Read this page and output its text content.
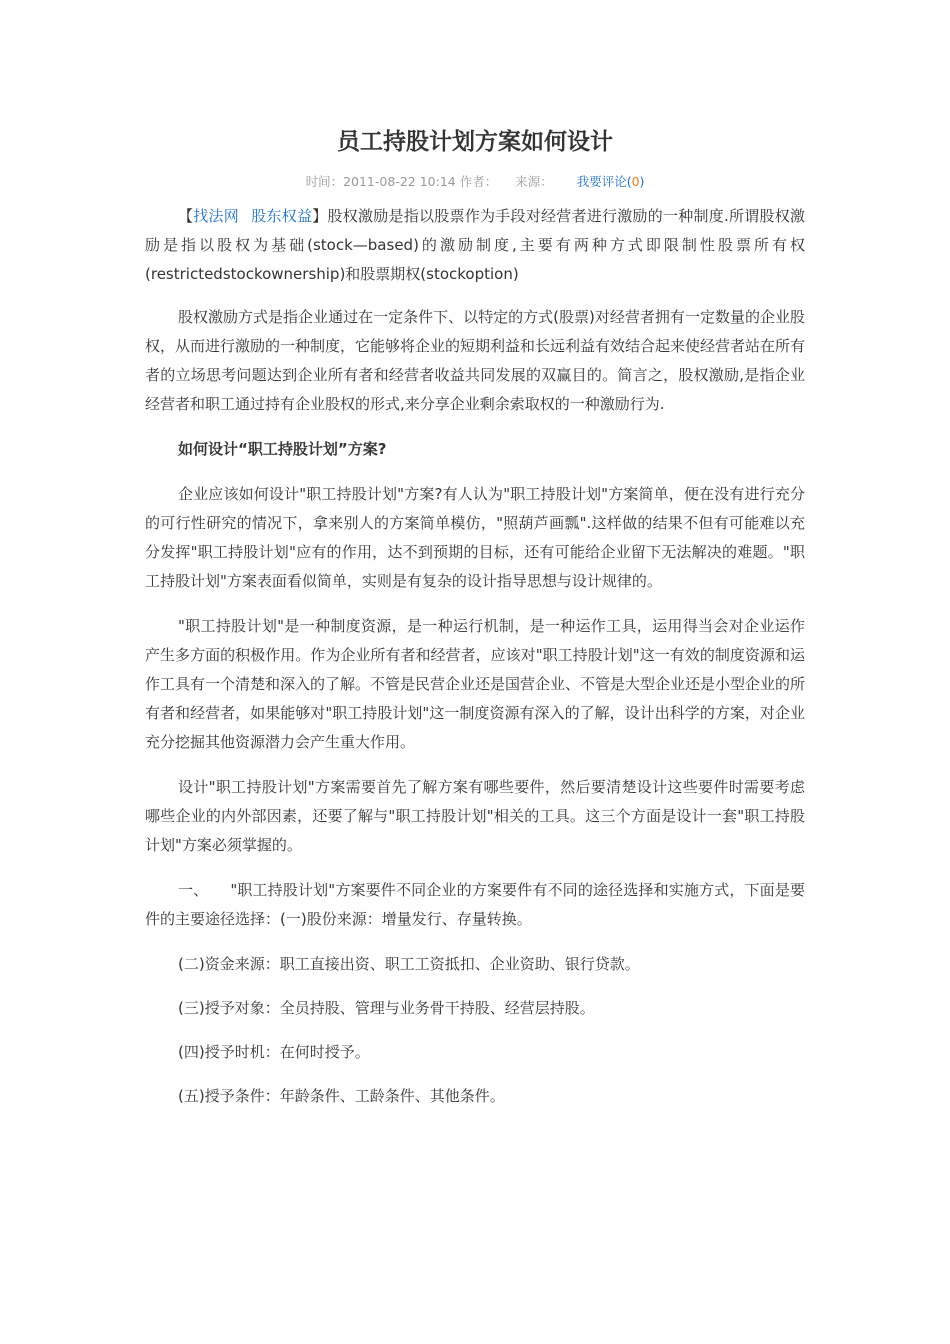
员工持股计划方案如何设计
时间：2011-08-22 10:14 作者： 来源： 我要评论(0)

【找法网 股东权益】股权激励是指以股票作为手段对经营者进行激励的一种制度.所谓股权激励是指以股权为基础(stock—based)的激励制度,主要有两种方式即限制性股票所有权(restrictedstockownership)和股票期权(stockoption)

股权激励方式是指企业通过在一定条件下、以特定的方式(股票)对经营者拥有一定数量的企业股权，从而进行激励的一种制度，它能够将企业的短期利益和长远利益有效结合起来使经营者站在所有者的立场思考问题达到企业所有者和经营者收益共同发展的双赢目的。简言之，股权激励,是指企业经营者和职工通过持有企业股权的形式,来分享企业剩余索取权的一种激励行为.

如何设计“职工持股计划”方案?

企业应该如何设计"职工持股计划"方案?有人认为"职工持股计划"方案简单，便在没有进行充分的可行性研究的情况下，拿来别人的方案简单模仿，"照葫芦画瓢".这样做的结果不但有可能难以充分发挥"职工持股计划"应有的作用，达不到预期的目标，还有可能给企业留下无法解决的难题。"职工持股计划"方案表面看似简单，实则是有复杂的设计指导思想与设计规律的。

"职工持股计划"是一种制度资源，是一种运行机制，是一种运作工具，运用得当会对企业运作产生多方面的积极作用。作为企业所有者和经营者，应该对"职工持股计划"这一有效的制度资源和运作工具有一个清楚和深入的了解。不管是民营企业还是国营企业、不管是大型企业还是小型企业的所有者和经营者，如果能够对"职工持股计划"这一制度资源有深入的了解，设计出科学的方案，对企业充分挖掘其他资源潜力会产生重大作用。

设计"职工持股计划"方案需要首先了解方案有哪些要件，然后要清楚设计这些要件时需要考虑哪些企业的内外部因素，还要了解与"职工持股计划"相关的工具。这三个方面是设计一套"职工持股计划"方案必须掌握的。

一、 "职工持股计划"方案要件不同企业的方案要件有不同的途径选择和实施方式，下面是要件的主要途径选择：(一)股份来源：增量发行、存量转换。

(二)资金来源：职工直接出资、职工工资抵扣、企业资助、银行贷款。

(三)授予对象：全员持股、管理与业务骨干持股、经营层持股。

(四)授予时机：在何时授予。

(五)授予条件：年龄条件、工龄条件、其他条件。
